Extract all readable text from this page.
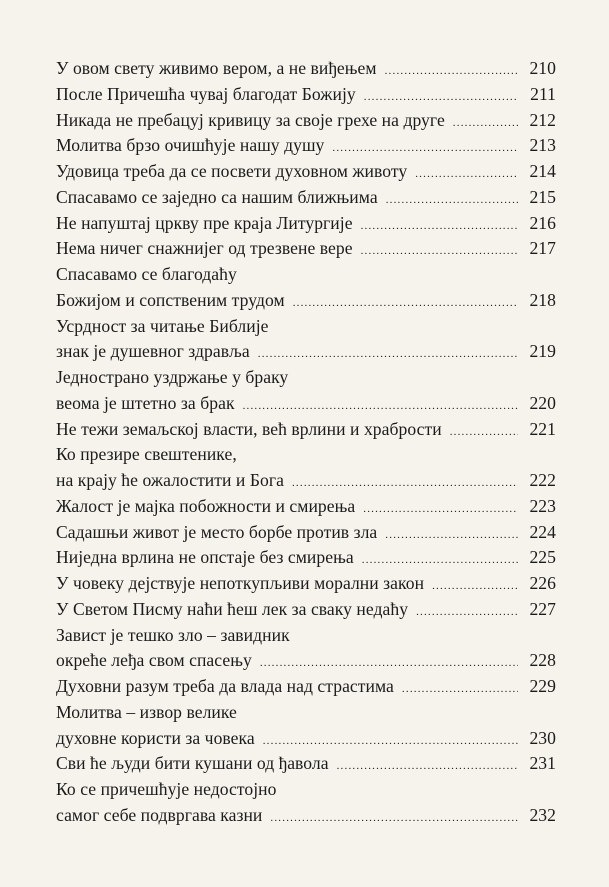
У овом свету живимо вером, а не виђењем .....	210
После Причешћа чувај благодат Божију .....	211
Никада не пребацуј кривицу за своје грехе на друге .....	212
Молитва брзо очишћује нашу душу .....	213
Удовица треба да се посвети духовном животу .....	214
Спасавамо се заједно са нашим ближњима .....	215
Не напуштај цркву пре краја Литургије .....	216
Нема ничег снажнијег од трезвене вере .....	217
Спасавамо се благодаћу
Божијом и сопственим трудом .....	218
Усрдност за читање Библије
знак је душевног здравља .....	219
Једнострано уздржање у браку
веома је штетно за брак .....	220
Не тежи земаљској власти, већ врлини и храбрости .....	221
Ко презире свештенике,
на крају ће ожалостити и Бога .....	222
Жалост је мајка побожности и смирења .....	223
Садашњи живот је место борбе против зла .....	224
Ниједна врлина не опстаје без смирења .....	225
У човеку дејствује непоткупљиви морални закон .....	226
У Светом Писму наћи ћеш лек за сваку недаћу .....	227
Завист је тешко зло – завидник
окреће леђа свом спасењу .....	228
Духовни разум треба да влада над страстима .....	229
Молитва – извор велике
духовне користи за човека .....	230
Сви ће људи бити кушани од ђавола .....	231
Ко се причешћује недостојно
самог себе подвргава казни .....	232
